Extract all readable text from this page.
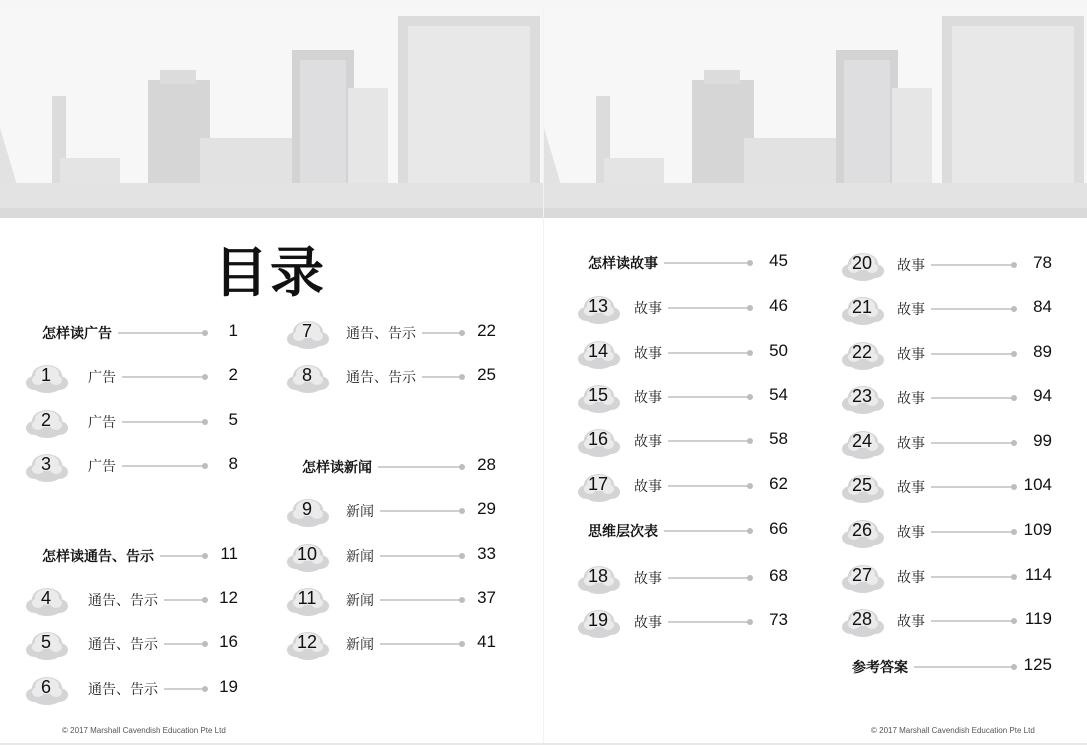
目录
© 2017 Marshall Cavendish Education Pte Ltd
怎样读广告	1
1	广告	2
2	广告	5
3	广告	8
怎样读通告、告示	11
4	通告、告示	12
5	通告、告示	16
6	通告、告示	19
7	通告、告示	22
8	通告、告示	25
怎样读新闻	28
9	新闻	29
10	新闻	33
11	新闻	37
12	新闻	41
© 2017 Marshall Cavendish Education Pte Ltd
怎样读故事	45
13	故事	46
14	故事	50
15	故事	54
16	故事	58
17	故事	62
思维层次表	66
18	故事	68
19	故事	73
20	故事	78
21	故事	84
22	故事	89
23	故事	94
24	故事	99
25	故事	104
26	故事	109
27	故事	114
28	故事	119
参考答案	125
